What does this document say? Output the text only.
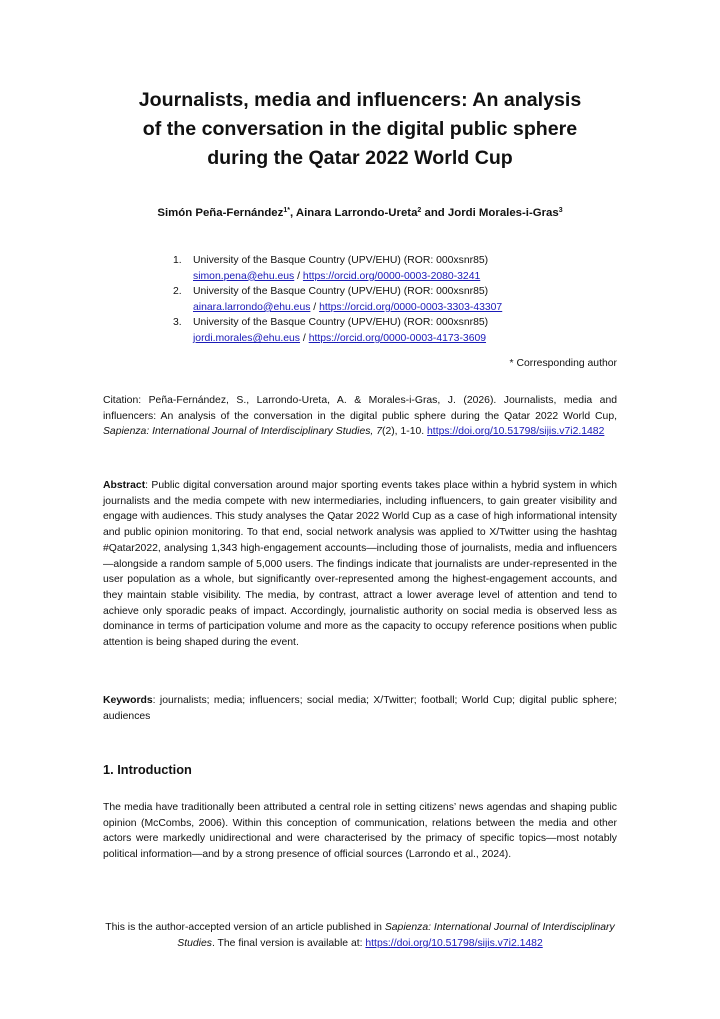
Journalists, media and influencers: An analysis
of the conversation in the digital public sphere
during the Qatar 2022 World Cup
Simón Peña-Fernández$^{1*}$, Ainara Larrondo-Ureta$^2$ and Jordi Morales-i-Gras$^3$
1. University of the Basque Country (UPV/EHU) (ROR: 000xsnr85)
simon.pena@ehu.eus / https://orcid.org/0000-0003-2080-3241
2. University of the Basque Country (UPV/EHU) (ROR: 000xsnr85)
ainara.larrondo@ehu.eus / https://orcid.org/0000-0003-3303-43307
3. University of the Basque Country (UPV/EHU) (ROR: 000xsnr85)
jordi.morales@ehu.eus / https://orcid.org/0000-0003-4173-3609
* Corresponding author

Citation: Peña-Fernández, S., Larrondo-Ureta, A. & Morales-i-Gras, J. (2026). Journalists, media and influencers: An analysis of the conversation in the digital public sphere during the Qatar 2022 World Cup, Sapienza: International Journal of Interdisciplinary Studies, 7(2), 1-10. https://doi.org/10.51798/sijis.v7i2.1482

Abstract: Public digital conversation around major sporting events takes place within a hybrid system in which journalists and the media compete with new intermediaries, including influencers, to gain greater visibility and engage with audiences. This study analyses the Qatar 2022 World Cup as a case of high informational intensity and public opinion monitoring. To that end, social network analysis was applied to X/Twitter using the hashtag #Qatar2022, analysing 1,343 high-engagement accounts—including those of journalists, media and influencers—alongside a random sample of 5,000 users. The findings indicate that journalists are under-represented in the user population as a whole, but significantly over-represented among the highest-engagement accounts, and they maintain stable visibility. The media, by contrast, attract a lower average level of attention and tend to achieve only sporadic peaks of impact. Accordingly, journalistic authority on social media is observed less as dominance in terms of participation volume and more as the capacity to occupy reference positions when public attention is being shaped during the event.

Keywords: journalists; media; influencers; social media; X/Twitter; football; World Cup; digital public sphere; audiences

1. Introduction

The media have traditionally been attributed a central role in setting citizens’ news agendas and shaping public opinion (McCombs, 2006). Within this conception of communication, relations between the media and other actors were markedly unidirectional and were characterised by the primacy of specific topics—most notably political information—and by a strong presence of official sources (Larrondo et al., 2024).

This is the author-accepted version of an article published in Sapienza: International Journal of Interdisciplinary Studies. The final version is available at: https://doi.org/10.51798/sijis.v7i2.1482
